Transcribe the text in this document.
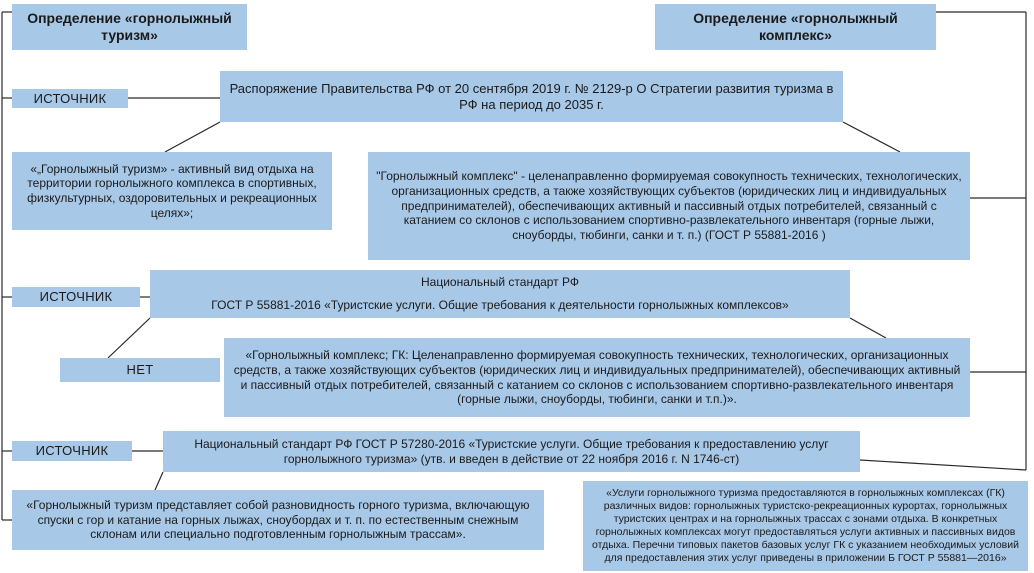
Определение «горнолыжный туризм»
Определение «горнолыжный комплекс»
ИСТОЧНИК
Распоряжение Правительства РФ от 20 сентября 2019 г. № 2129-р О Стратегии развития туризма в РФ на период до 2035 г.
«„Горнолыжный туризм» - активный вид отдыха на территории горнолыжного комплекса в спортивных, физкультурных, оздоровительных и рекреационных целях»;
"Горнолыжный комплекс" - целенаправленно формируемая совокупность технических, технологических, организационных средств, а также хозяйствующих субъектов (юридических лиц и индивидуальных предпринимателей), обеспечивающих активный и пассивный отдых потребителей, связанный с катанием со склонов с использованием спортивно-развлекательного инвентаря (горные лыжи, сноуборды, тюбинги, санки и т. п.) (ГОСТ Р 55881-2016 )
ИСТОЧНИК
Национальный стандарт РФ
ГОСТ Р 55881-2016 «Туристские услуги. Общие требования к деятельности горнолыжных комплексов»
НЕТ
«Горнолыжный комплекс; ГК: Целенаправленно формируемая совокупность технических, технологических, организационных средств, а также хозяйствующих субъектов (юридических лиц и индивидуальных предпринимателей), обеспечивающих активный и пассивный отдых потребителей, связанный с катанием со склонов с использованием спортивно-развлекательного инвентаря (горные лыжи, сноуборды, тюбинги, санки и т.п.)».
ИСТОЧНИК	Национальный стандарт РФ ГОСТ Р 57280-2016 «Туристские услуги. Общие требования к предоставлению услуг горнолыжного туризма» (утв. и введен в действие от 22 ноября 2016 г. N 1746-ст)
«Горнолыжный туризм представляет собой разновидность горного туризма, включающую спуски с гор и катание на горных лыжах, сноубордах и т. п. по естественным снежным склонам или специально подготовленным горнолыжным трассам».
«Услуги горнолыжного туризма предоставляются в горнолыжных комплексах (ГК) различных видов: горнолыжных туристско-рекреационных курортах, горнолыжных туристских центрах и на горнолыжных трассах с зонами отдыха. В конкретных горнолыжных комплексах могут предоставляться услуги активных и пассивных видов отдыха. Перечни типовых пакетов базовых услуг ГК с указанием необходимых условий для предоставления этих услуг приведены в приложении Б ГОСТ Р 55881—2016»
